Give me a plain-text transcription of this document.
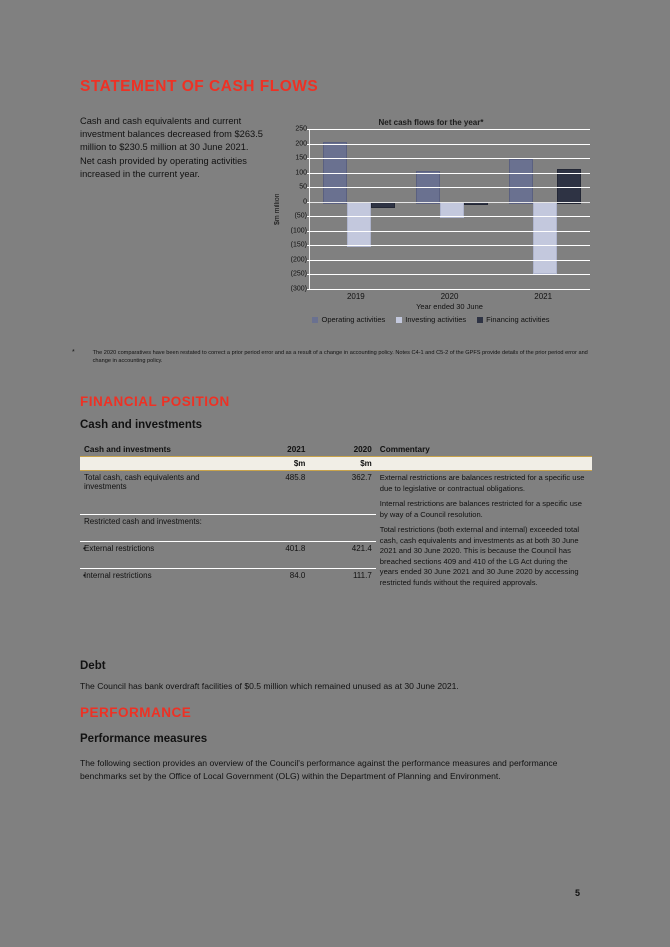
STATEMENT OF CASH FLOWS
Cash and cash equivalents and current investment balances decreased from $263.5 million to $230.5 million at 30 June 2021. Net cash provided by operating activities increased in the current year.
Net cash flows for the year*
$m million
250
200
150
100
50
0
(50)
(100)
(150)
(200)
(250)
(300)
2019	2020	2021
Year ended 30 June
Operating activities	Investing activities	Financing activities
*	The 2020 comparatives have been restated to correct a prior period error and as a result of a change in accounting policy. Notes C4-1 and C5-2 of the GPFS provide details of the prior period error and change in accounting policy.
FINANCIAL POSITION
Cash and investments
Cash and investments	2021	2020	Commentary
	$m	$m	
Total cash, cash equivalents and investments	485.8	362.7	External restrictions are balances restricted for a specific use due to legislative or contractual obligations.

Internal restrictions are balances restricted for a specific use by way of a Council resolution.

Total restrictions (both external and internal) exceeded total cash, cash equivalents and investments as at both 30 June 2021 and 30 June 2020. This is because the Council has breached sections 409 and 410 of the LG Act during the years ended 30 June 2021 and 30 June 2020 by accessing restricted funds without the required approvals.

Restricted cash and investments:			
• External restrictions	401.8	421.4	
• Internal restrictions	84.0	111.7	
Debt
The Council has bank overdraft facilities of $0.5 million which remained unused as at 30 June 2021.
PERFORMANCE
Performance measures
The following section provides an overview of the Council's performance against the performance measures and performance benchmarks set by the Office of Local Government (OLG) within the Department of Planning and Environment.
5
